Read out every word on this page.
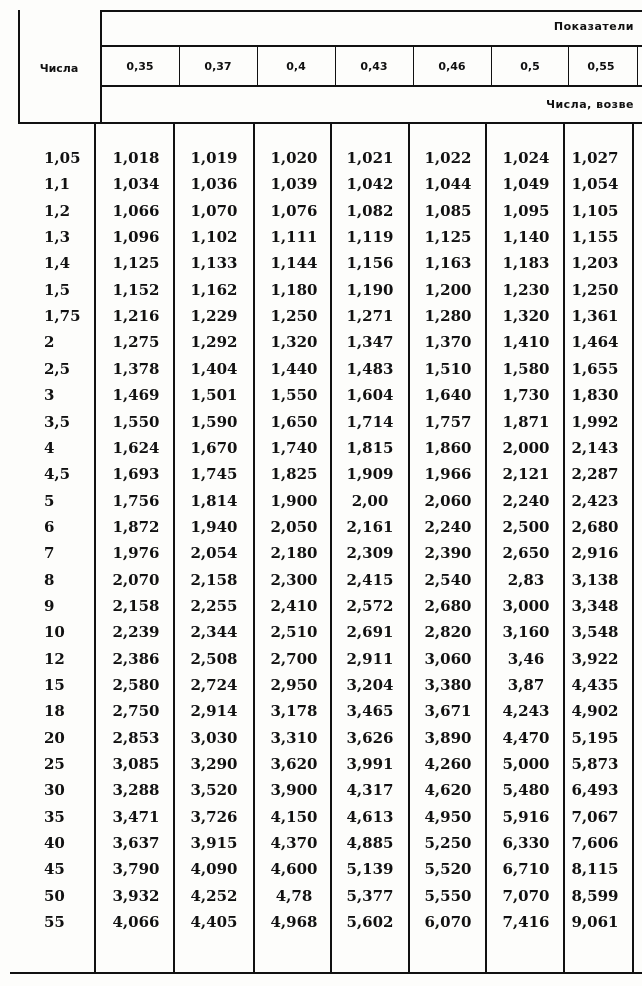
Показатели
Числа
Числа, возве
0,35	0,37	0,4	0,43	0,46	0,5	0,55
1,05	1,018	1,019	1,020	1,021	1,022	1,024	1,027
1,1	1,034	1,036	1,039	1,042	1,044	1,049	1,054
1,2	1,066	1,070	1,076	1,082	1,085	1,095	1,105
1,3	1,096	1,102	1,111	1,119	1,125	1,140	1,155
1,4	1,125	1,133	1,144	1,156	1,163	1,183	1,203
1,5	1,152	1,162	1,180	1,190	1,200	1,230	1,250
1,75	1,216	1,229	1,250	1,271	1,280	1,320	1,361
2	1,275	1,292	1,320	1,347	1,370	1,410	1,464
2,5	1,378	1,404	1,440	1,483	1,510	1,580	1,655
3	1,469	1,501	1,550	1,604	1,640	1,730	1,830
3,5	1,550	1,590	1,650	1,714	1,757	1,871	1,992
4	1,624	1,670	1,740	1,815	1,860	2,000	2,143
4,5	1,693	1,745	1,825	1,909	1,966	2,121	2,287
5	1,756	1,814	1,900	2,00	2,060	2,240	2,423
6	1,872	1,940	2,050	2,161	2,240	2,500	2,680
7	1,976	2,054	2,180	2,309	2,390	2,650	2,916
8	2,070	2,158	2,300	2,415	2,540	2,83	3,138
9	2,158	2,255	2,410	2,572	2,680	3,000	3,348
10	2,239	2,344	2,510	2,691	2,820	3,160	3,548
12	2,386	2,508	2,700	2,911	3,060	3,46	3,922
15	2,580	2,724	2,950	3,204	3,380	3,87	4,435
18	2,750	2,914	3,178	3,465	3,671	4,243	4,902
20	2,853	3,030	3,310	3,626	3,890	4,470	5,195
25	3,085	3,290	3,620	3,991	4,260	5,000	5,873
30	3,288	3,520	3,900	4,317	4,620	5,480	6,493
35	3,471	3,726	4,150	4,613	4,950	5,916	7,067
40	3,637	3,915	4,370	4,885	5,250	6,330	7,606
45	3,790	4,090	4,600	5,139	5,520	6,710	8,115
50	3,932	4,252	4,78	5,377	5,550	7,070	8,599
55	4,066	4,405	4,968	5,602	6,070	7,416	9,061
